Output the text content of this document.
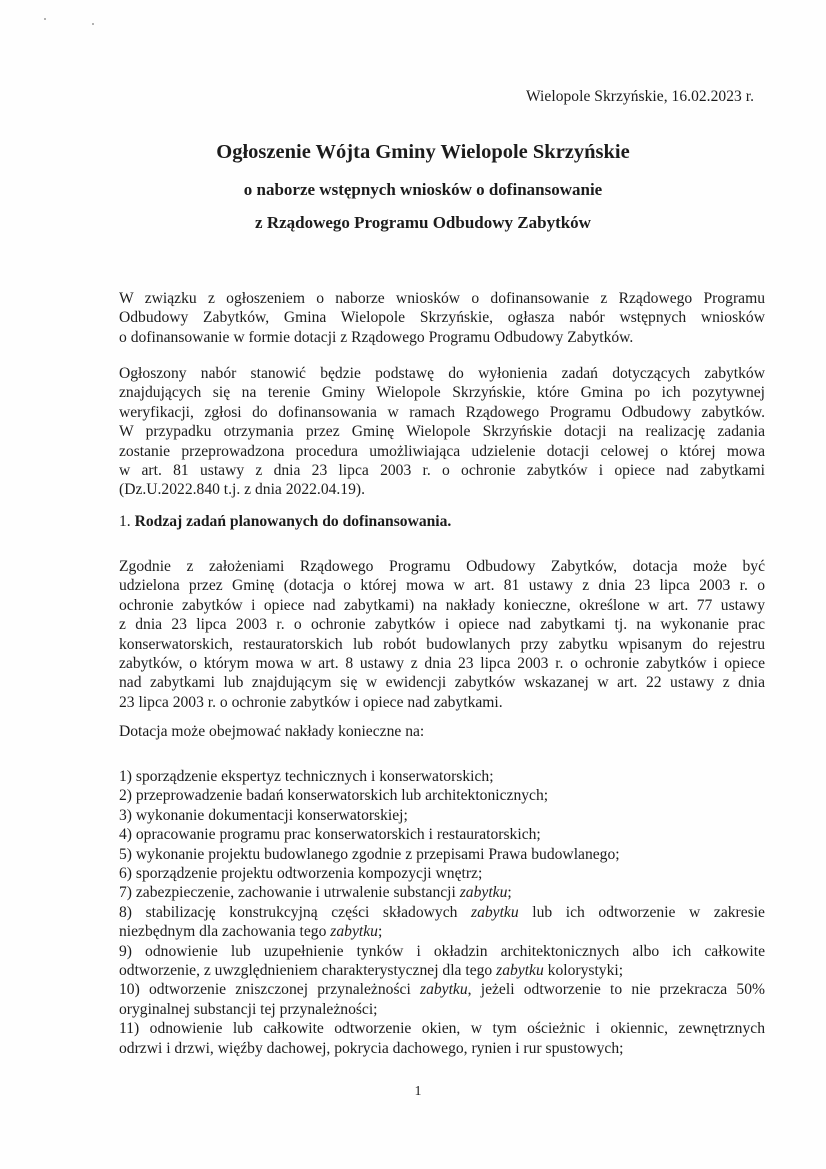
Wielopole Skrzyńskie, 16.02.2023 r.
Ogłoszenie Wójta Gminy Wielopole Skrzyńskie
o naborze wstępnych wniosków o dofinansowanie
z Rządowego Programu Odbudowy Zabytków
W związku z ogłoszeniem o naborze wniosków o dofinansowanie z Rządowego Programu
Odbudowy Zabytków, Gmina Wielopole Skrzyńskie, ogłasza nabór wstępnych wniosków
o dofinansowanie w formie dotacji z Rządowego Programu Odbudowy Zabytków.
Ogłoszony nabór stanowić będzie podstawę do wyłonienia zadań dotyczących zabytków
znajdujących się na terenie Gminy Wielopole Skrzyńskie, które Gmina po ich pozytywnej
weryfikacji, zgłosi do dofinansowania w ramach Rządowego Programu Odbudowy zabytków.
W przypadku otrzymania przez Gminę Wielopole Skrzyńskie dotacji na realizację zadania
zostanie przeprowadzona procedura umożliwiająca udzielenie dotacji celowej o której mowa
w art. 81 ustawy z dnia 23 lipca 2003 r. o ochronie zabytków i opiece nad zabytkami
(Dz.U.2022.840 t.j. z dnia 2022.04.19).
1. Rodzaj zadań planowanych do dofinansowania.
Zgodnie z założeniami Rządowego Programu Odbudowy Zabytków, dotacja może być
udzielona przez Gminę (dotacja o której mowa w art. 81 ustawy z dnia 23 lipca 2003 r. o
ochronie zabytków i opiece nad zabytkami) na nakłady konieczne, określone w art. 77 ustawy
z dnia 23 lipca 2003 r. o ochronie zabytków i opiece nad zabytkami tj. na wykonanie prac
konserwatorskich, restauratorskich lub robót budowlanych przy zabytku wpisanym do rejestru
zabytków, o którym mowa w art. 8 ustawy z dnia 23 lipca 2003 r. o ochronie zabytków i opiece
nad zabytkami lub znajdującym się w ewidencji zabytków wskazanej w art. 22 ustawy z dnia
23 lipca 2003 r. o ochronie zabytków i opiece nad zabytkami.
Dotacja może obejmować nakłady konieczne na:
1) sporządzenie ekspertyz technicznych i konserwatorskich;
2) przeprowadzenie badań konserwatorskich lub architektonicznych;
3) wykonanie dokumentacji konserwatorskiej;
4) opracowanie programu prac konserwatorskich i restauratorskich;
5) wykonanie projektu budowlanego zgodnie z przepisami Prawa budowlanego;
6) sporządzenie projektu odtworzenia kompozycji wnętrz;
7) zabezpieczenie, zachowanie i utrwalenie substancji zabytku;
8) stabilizację konstrukcyjną części składowych zabytku lub ich odtworzenie w zakresie
niezbędnym dla zachowania tego zabytku;
9) odnowienie lub uzupełnienie tynków i okładzin architektonicznych albo ich całkowite
odtworzenie, z uwzględnieniem charakterystycznej dla tego zabytku kolorystyki;
10) odtworzenie zniszczonej przynależności zabytku, jeżeli odtworzenie to nie przekracza 50%
oryginalnej substancji tej przynależności;
11) odnowienie lub całkowite odtworzenie okien, w tym ościeżnic i okiennic, zewnętrznych
odrzwi i drzwi, więźby dachowej, pokrycia dachowego, rynien i rur spustowych;
1
